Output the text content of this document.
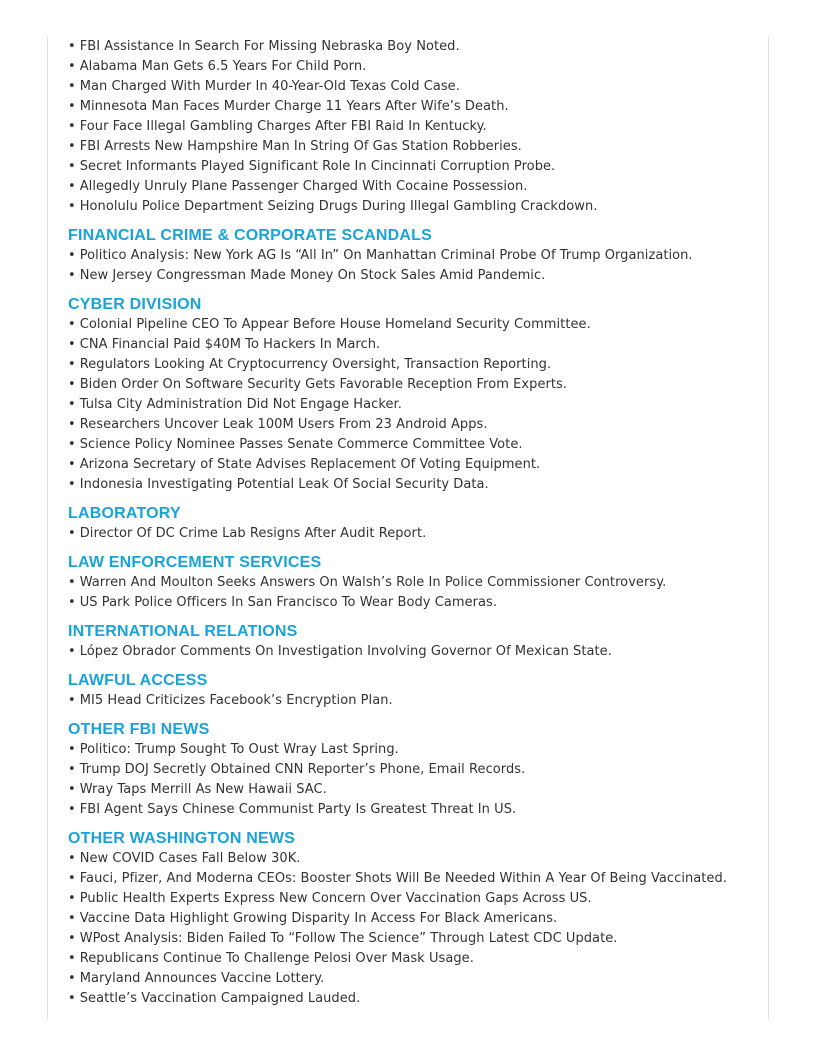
• FBI Assistance In Search For Missing Nebraska Boy Noted.
• Alabama Man Gets 6.5 Years For Child Porn.
• Man Charged With Murder In 40-Year-Old Texas Cold Case.
• Minnesota Man Faces Murder Charge 11 Years After Wife’s Death.
• Four Face Illegal Gambling Charges After FBI Raid In Kentucky.
• FBI Arrests New Hampshire Man In String Of Gas Station Robberies.
• Secret Informants Played Significant Role In Cincinnati Corruption Probe.
• Allegedly Unruly Plane Passenger Charged With Cocaine Possession.
• Honolulu Police Department Seizing Drugs During Illegal Gambling Crackdown.
FINANCIAL CRIME & CORPORATE SCANDALS
• Politico Analysis: New York AG Is “All In” On Manhattan Criminal Probe Of Trump Organization.
• New Jersey Congressman Made Money On Stock Sales Amid Pandemic.
CYBER DIVISION
• Colonial Pipeline CEO To Appear Before House Homeland Security Committee.
• CNA Financial Paid $40M To Hackers In March.
• Regulators Looking At Cryptocurrency Oversight, Transaction Reporting.
• Biden Order On Software Security Gets Favorable Reception From Experts.
• Tulsa City Administration Did Not Engage Hacker.
• Researchers Uncover Leak 100M Users From 23 Android Apps.
• Science Policy Nominee Passes Senate Commerce Committee Vote.
• Arizona Secretary of State Advises Replacement Of Voting Equipment.
• Indonesia Investigating Potential Leak Of Social Security Data.
LABORATORY
• Director Of DC Crime Lab Resigns After Audit Report.
LAW ENFORCEMENT SERVICES
• Warren And Moulton Seeks Answers On Walsh’s Role In Police Commissioner Controversy.
• US Park Police Officers In San Francisco To Wear Body Cameras.
INTERNATIONAL RELATIONS
• López Obrador Comments On Investigation Involving Governor Of Mexican State.
LAWFUL ACCESS
• MI5 Head Criticizes Facebook’s Encryption Plan.
OTHER FBI NEWS
• Politico: Trump Sought To Oust Wray Last Spring.
• Trump DOJ Secretly Obtained CNN Reporter’s Phone, Email Records.
• Wray Taps Merrill As New Hawaii SAC.
• FBI Agent Says Chinese Communist Party Is Greatest Threat In US.
OTHER WASHINGTON NEWS
• New COVID Cases Fall Below 30K.
• Fauci, Pfizer, And Moderna CEOs: Booster Shots Will Be Needed Within A Year Of Being Vaccinated.
• Public Health Experts Express New Concern Over Vaccination Gaps Across US.
• Vaccine Data Highlight Growing Disparity In Access For Black Americans.
• WPost Analysis: Biden Failed To “Follow The Science” Through Latest CDC Update.
• Republicans Continue To Challenge Pelosi Over Mask Usage.
• Maryland Announces Vaccine Lottery.
• Seattle’s Vaccination Campaigned Lauded.
